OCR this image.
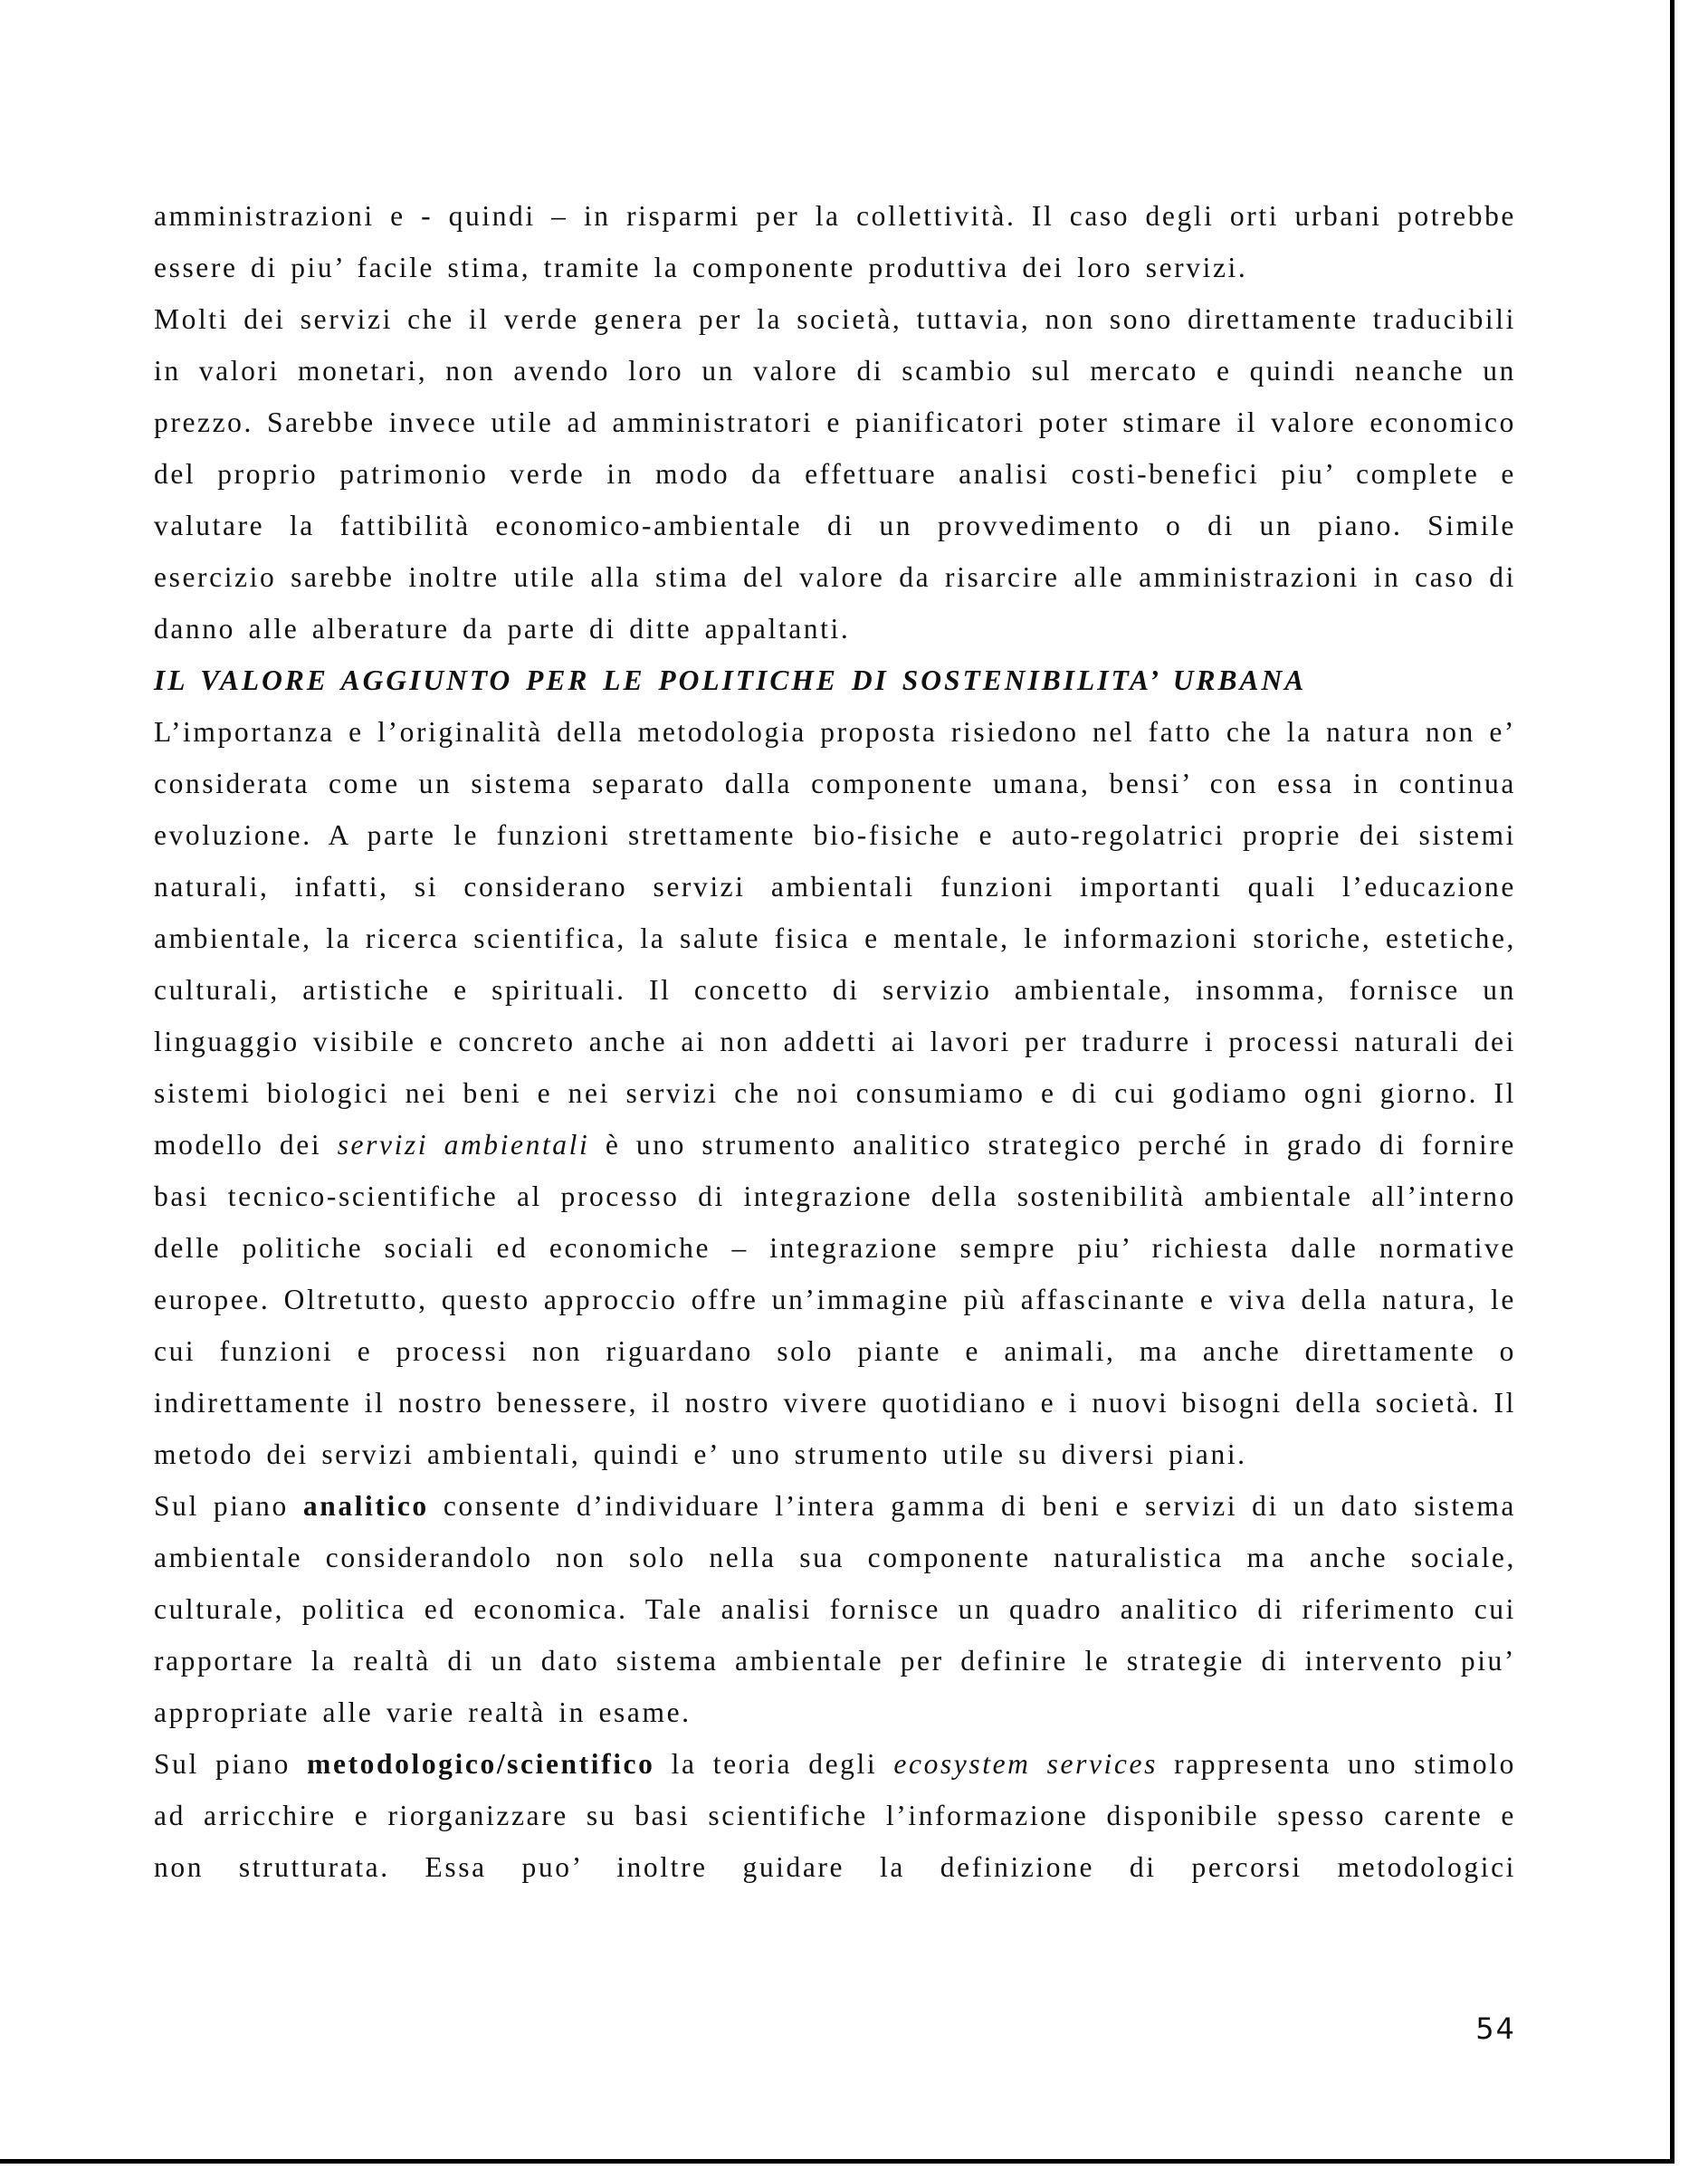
amministrazioni e - quindi – in risparmi per la collettività. Il caso degli orti urbani potrebbe essere di piu’ facile stima, tramite la componente produttiva dei loro servizi.

Molti dei servizi che il verde genera per la società, tuttavia, non sono direttamente traducibili in valori monetari, non avendo loro un valore di scambio sul mercato e quindi neanche un prezzo. Sarebbe invece utile ad amministratori e pianificatori poter stimare il valore economico del proprio patrimonio verde in modo da effettuare analisi costi-benefici piu’ complete e valutare la fattibilità economico-ambientale di un provvedimento o di un piano. Simile esercizio sarebbe inoltre utile alla stima del valore da risarcire alle amministrazioni in caso di danno alle alberature da parte di ditte appaltanti.

IL VALORE AGGIUNTO PER LE POLITICHE DI SOSTENIBILITA’ URBANA

L’importanza e l’originalità della metodologia proposta risiedono nel fatto che la natura non e’ considerata come un sistema separato dalla componente umana, bensi’ con essa in continua evoluzione. A parte le funzioni strettamente bio-fisiche e auto-regolatrici proprie dei sistemi naturali, infatti, si considerano servizi ambientali funzioni importanti quali l’educazione ambientale, la ricerca scientifica, la salute fisica e mentale, le informazioni storiche, estetiche, culturali, artistiche e spirituali. Il concetto di servizio ambientale, insomma, fornisce un linguaggio visibile e concreto anche ai non addetti ai lavori per tradurre i processi naturali dei sistemi biologici nei beni e nei servizi che noi consumiamo e di cui godiamo ogni giorno. Il modello dei servizi ambientali è uno strumento analitico strategico perché in grado di fornire basi tecnico-scientifiche al processo di integrazione della sostenibilità ambientale all’interno delle politiche sociali ed economiche – integrazione sempre piu’ richiesta dalle normative europee. Oltretutto, questo approccio offre un’immagine più affascinante e viva della natura, le cui funzioni e processi non riguardano solo piante e animali, ma anche direttamente o indirettamente il nostro benessere, il nostro vivere quotidiano e i nuovi bisogni della società. Il metodo dei servizi ambientali, quindi e’ uno strumento utile su diversi piani.

Sul piano analitico consente d’individuare l’intera gamma di beni e servizi di un dato sistema ambientale considerandolo non solo nella sua componente naturalistica ma anche sociale, culturale, politica ed economica. Tale analisi fornisce un quadro analitico di riferimento cui rapportare la realtà di un dato sistema ambientale per definire le strategie di intervento piu’ appropriate alle varie realtà in esame.

Sul piano metodologico/scientifico la teoria degli ecosystem services rappresenta uno stimolo ad arricchire e riorganizzare su basi scientifiche l’informazione disponibile spesso carente e non strutturata. Essa puo’ inoltre guidare la definizione di percorsi metodologici

54
